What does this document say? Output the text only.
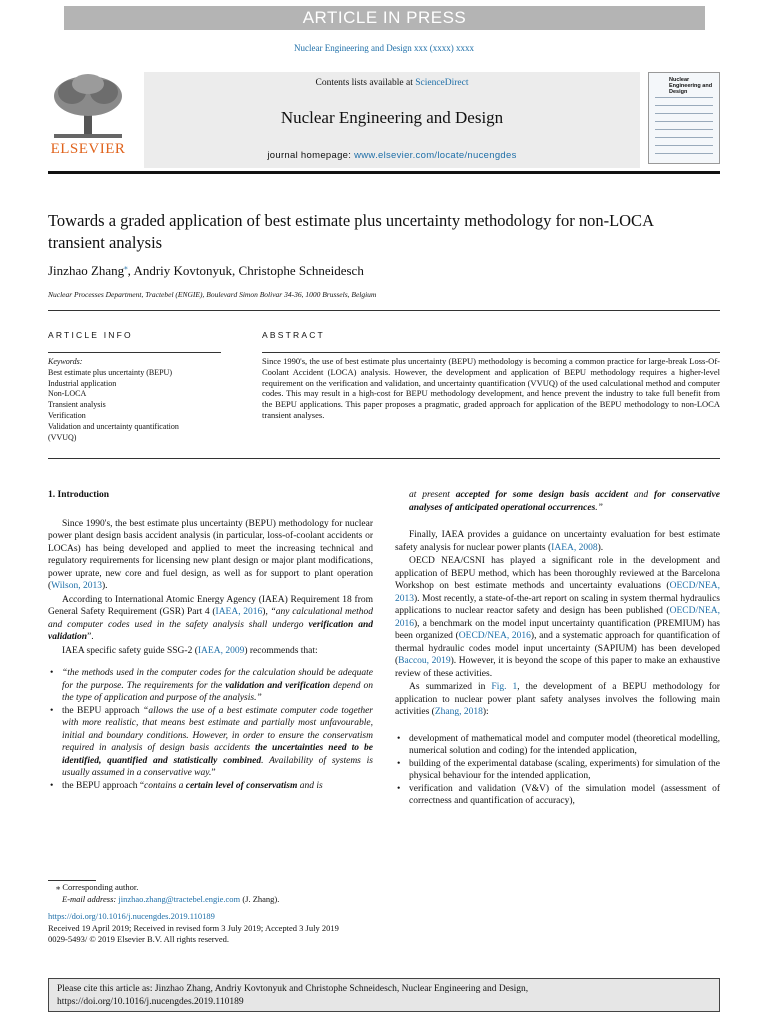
ARTICLE IN PRESS
Nuclear Engineering and Design xxx (xxxx) xxxx
ELSEVIER
Contents lists available at ScienceDirect
Nuclear Engineering and Design
journal homepage: www.elsevier.com/locate/nucengdes
Nuclear Engineering and Design
Towards a graded application of best estimate plus uncertainty methodology for non-LOCA transient analysis
Jinzhao Zhang⁎, Andriy Kovtonyuk, Christophe Schneidesch
Nuclear Processes Department, Tractebel (ENGIE), Boulevard Simon Bolivar 34-36, 1000 Brussels, Belgium
ARTICLE INFO	ABSTRACT
Keywords:
Best estimate plus uncertainty (BEPU)
Industrial application
Non-LOCA
Transient analysis
Verification
Validation and uncertainty quantification
(VVUQ)
Since 1990's, the use of best estimate plus uncertainty (BEPU) methodology is becoming a common practice for large-break Loss-Of-Coolant Accident (LOCA) analysis. However, the development and application of BEPU methodology requires a higher-level requirement on the verification and validation, and uncertainty quantification (VVUQ) of the used calculational method and computer codes. This may result in a high-cost for BEPU methodology development, and hence prevent the industry to take full benefit from the BEPU applications. This paper proposes a pragmatic, graded approach for application of the BEPU methodology to non-LOCA transient analyses.
1. Introduction

Since 1990's, the best estimate plus uncertainty (BEPU) methodology for nuclear power plant design basis accident analysis (in particular, loss-of-coolant accidents or LOCAs) has being developed and applied to meet the increasing technical and regulatory requirements for licensing new plant design or major plant modifications, power uprate, new core and fuel design, as well as for support to plant operation (Wilson, 2013).

According to International Atomic Energy Agency (IAEA) Requirement 18 from General Safety Requirement (GSR) Part 4 (IAEA, 2016), “any calculational method and computer codes used in the safety analysis shall undergo verification and validation”.

IAEA specific safety guide SSG-2 (IAEA, 2009) recommends that:

• “the methods used in the computer codes for the calculation should be adequate for the purpose. The requirements for the validation and verification depend on the type of application and purpose of the analysis.”
• the BEPU approach “allows the use of a best estimate computer code together with more realistic, that means best estimate and partially most unfavourable, initial and boundary conditions. However, in order to ensure the conservatism required in analysis of design basis accidents the uncertainties need to be identified, quantified and statistically combined. Availability of systems is usually assumed in a conservative way.”
• the BEPU approach “contains a certain level of conservatism and is

at present accepted for some design basis accident and for conservative analyses of anticipated operational occurrences.”

Finally, IAEA provides a guidance on uncertainty evaluation for best estimate safety analysis for nuclear power plants (IAEA, 2008).

OECD NEA/CSNI has played a significant role in the development and application of BEPU method, which has been thoroughly reviewed at the Barcelona Workshop on best estimate methods and uncertainty evaluations (OECD/NEA, 2013). Most recently, a state-of-the-art report on scaling in system thermal hydraulics applications to nuclear reactor safety and design has been published (OECD/NEA, 2016), a benchmark on the model input uncertainty quantification (PREMIUM) has been organized (OECD/NEA, 2016), and a systematic approach for quantification of thermal hydraulic codes model input uncertainty (SAPIUM) has been developed (Baccou, 2019). However, it is beyond the scope of this paper to make an exhaustive review of these activities.

As summarized in Fig. 1, the development of a BEPU methodology for application to nuclear power plant safety analyses involves the following main activities (Zhang, 2018):

• development of mathematical model and computer model (theoretical modelling, numerical solution and coding) for the intended application,
• building of the experimental database (scaling, experiments) for simulation of the physical behaviour for the intended application,
• verification and validation (V&V) of the simulation model (assessment of correctness and quantification of accuracy),
⁎ Corresponding author.
E-mail address: jinzhao.zhang@tractebel.engie.com (J. Zhang).
https://doi.org/10.1016/j.nucengdes.2019.110189
Received 19 April 2019; Received in revised form 3 July 2019; Accepted 3 July 2019
0029-5493/ © 2019 Elsevier B.V. All rights reserved.
Please cite this article as: Jinzhao Zhang, Andriy Kovtonyuk and Christophe Schneidesch, Nuclear Engineering and Design,
https://doi.org/10.1016/j.nucengdes.2019.110189
